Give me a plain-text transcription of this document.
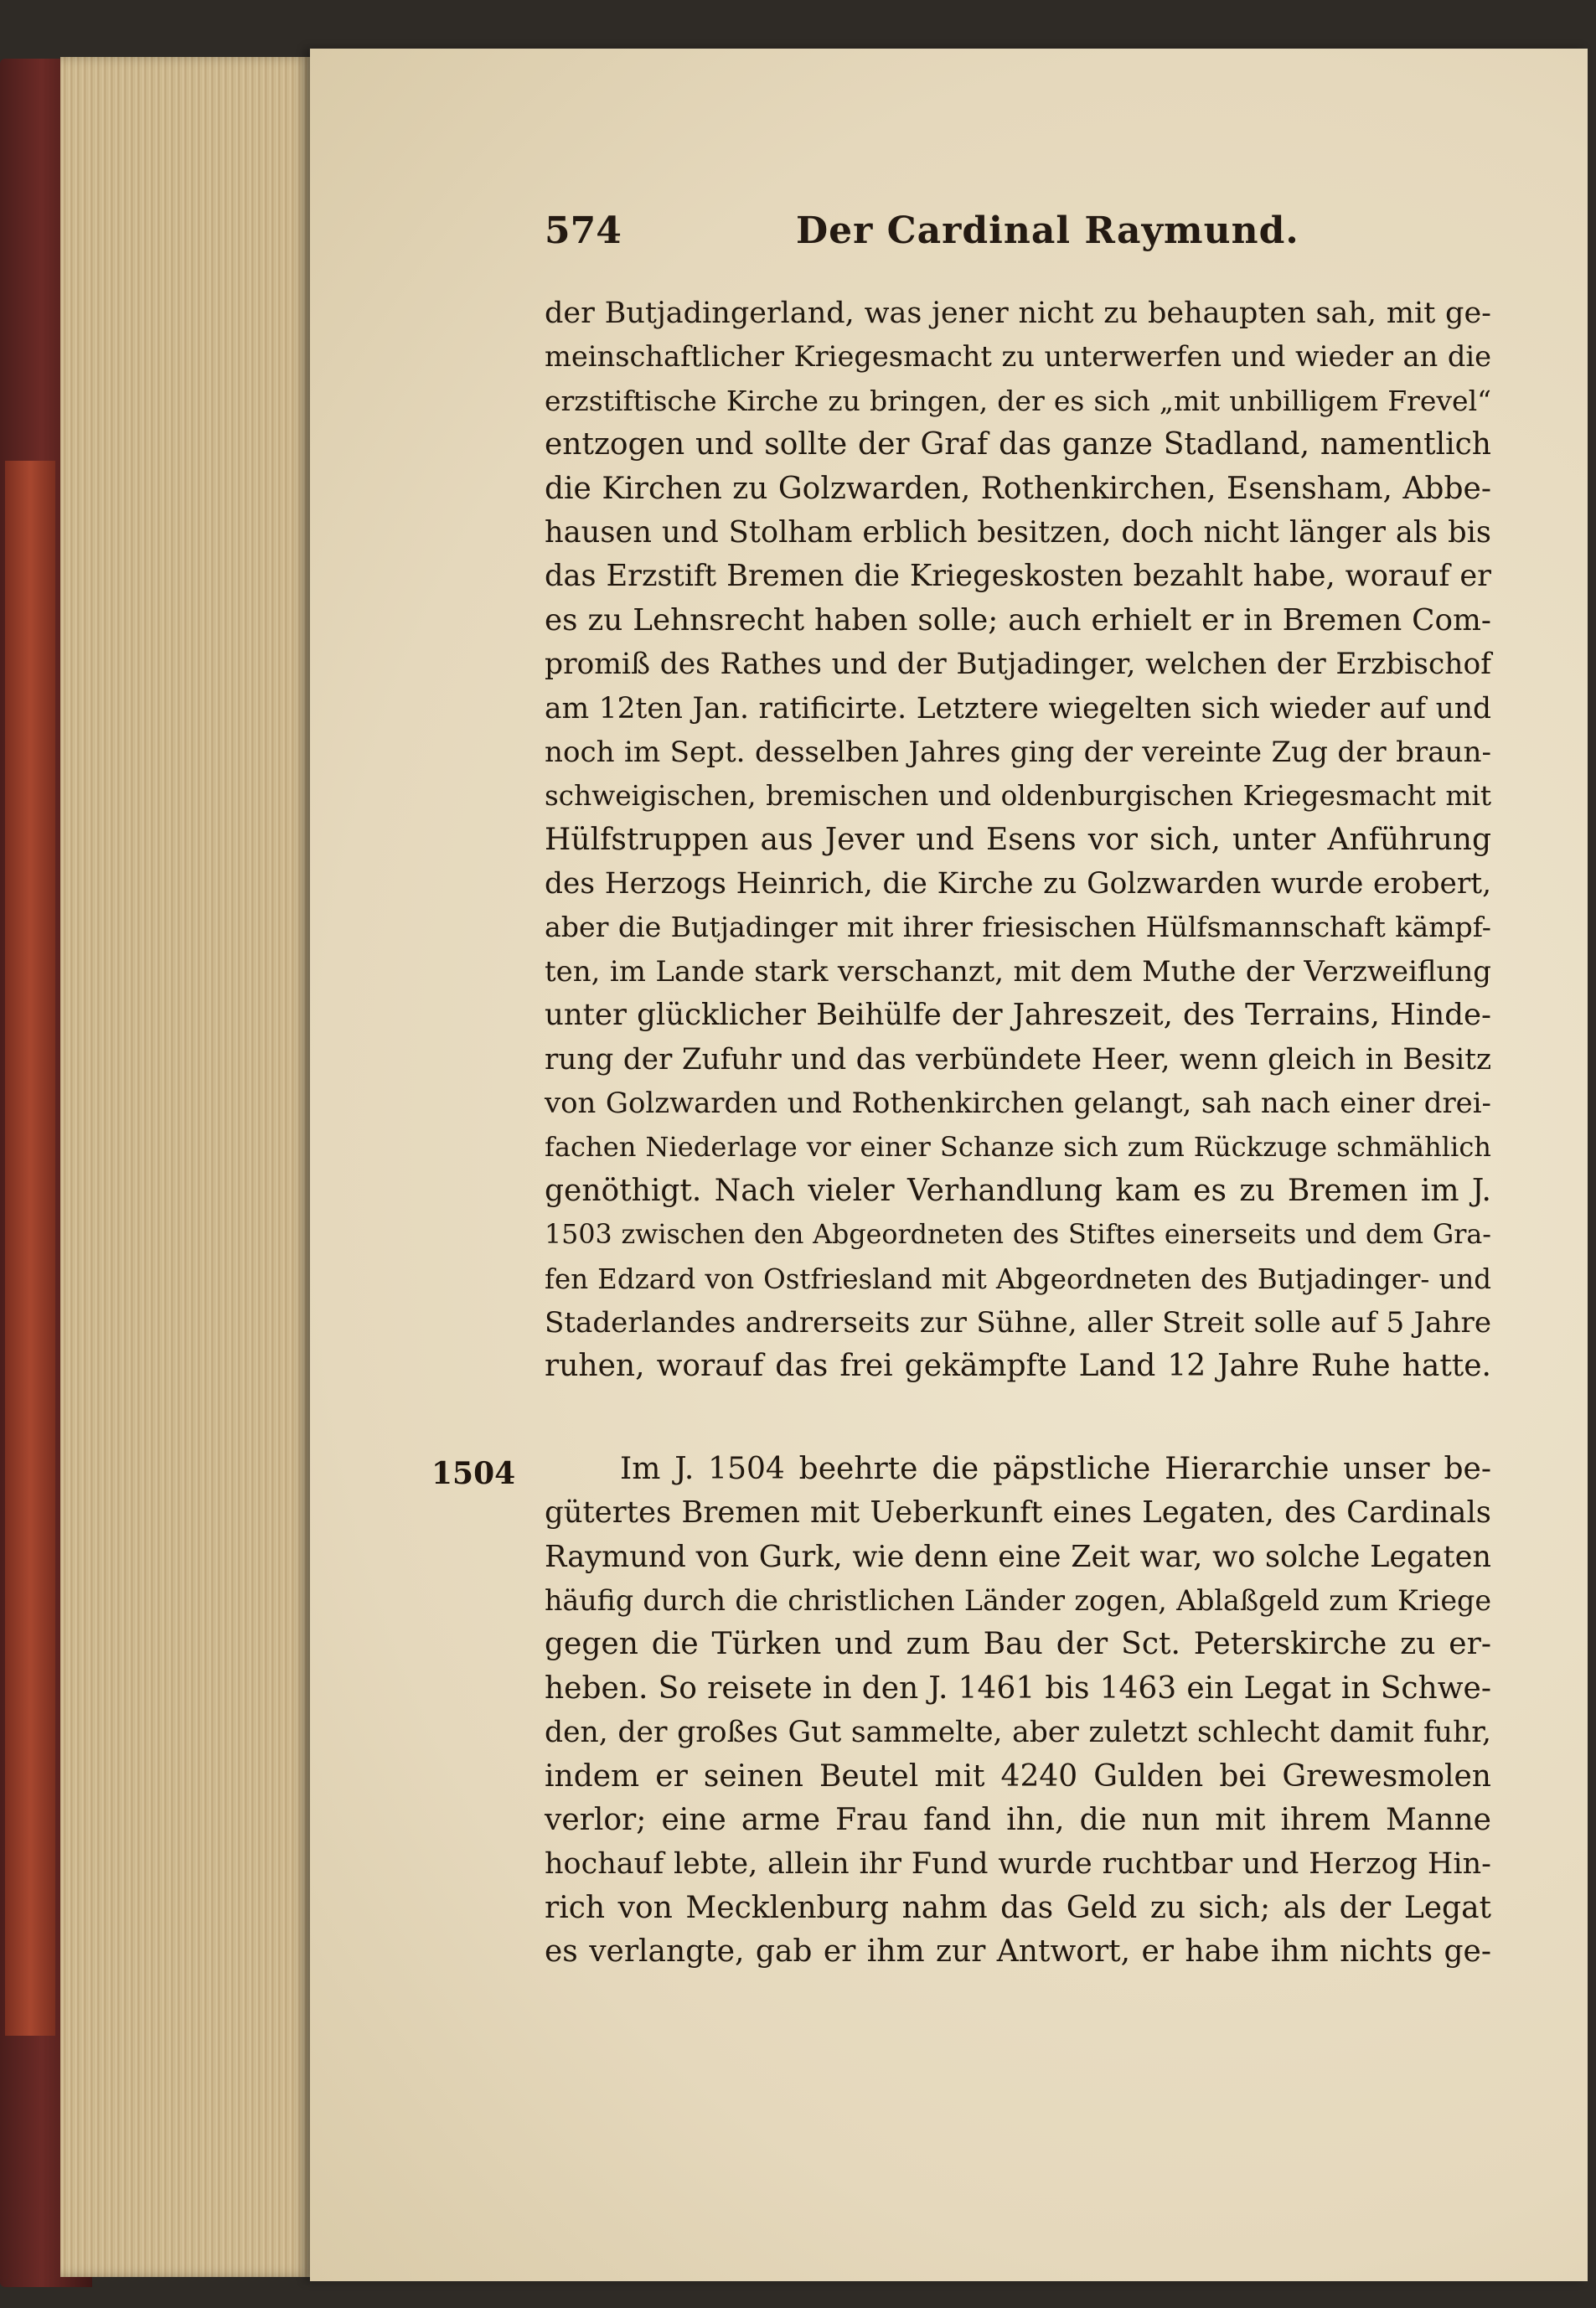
574	Der Cardinal Raymund.
1504
der Butjadingerland, was jener nicht zu behaupten sah, mit ge-
meinschaftlicher Kriegesmacht zu unterwerfen und wieder an die
erzstiftische Kirche zu bringen, der es sich „mit unbilligem Frevel“
entzogen und sollte der Graf das ganze Stadland, namentlich
die Kirchen zu Golzwarden, Rothenkirchen, Esensham, Abbe-
hausen und Stolham erblich besitzen, doch nicht länger als bis
das Erzstift Bremen die Kriegeskosten bezahlt habe, worauf er
es zu Lehnsrecht haben solle; auch erhielt er in Bremen Com-
promiß des Rathes und der Butjadinger, welchen der Erzbischof
am 12ten Jan. ratificirte. Letztere wiegelten sich wieder auf und
noch im Sept. desselben Jahres ging der vereinte Zug der braun-
schweigischen, bremischen und oldenburgischen Kriegesmacht mit
Hülfstruppen aus Jever und Esens vor sich, unter Anführung
des Herzogs Heinrich, die Kirche zu Golzwarden wurde erobert,
aber die Butjadinger mit ihrer friesischen Hülfsmannschaft kämpf-
ten, im Lande stark verschanzt, mit dem Muthe der Verzweiflung
unter glücklicher Beihülfe der Jahreszeit, des Terrains, Hinde-
rung der Zufuhr und das verbündete Heer, wenn gleich in Besitz
von Golzwarden und Rothenkirchen gelangt, sah nach einer drei-
fachen Niederlage vor einer Schanze sich zum Rückzuge schmählich
genöthigt. Nach vieler Verhandlung kam es zu Bremen im J.
1503 zwischen den Abgeordneten des Stiftes einerseits und dem Gra-
fen Edzard von Ostfriesland mit Abgeordneten des Butjadinger- und
Staderlandes andrerseits zur Sühne, aller Streit solle auf 5 Jahre
ruhen, worauf das frei gekämpfte Land 12 Jahre Ruhe hatte.
Im J. 1504 beehrte die päpstliche Hierarchie unser be-
gütertes Bremen mit Ueberkunft eines Legaten, des Cardinals
Raymund von Gurk, wie denn eine Zeit war, wo solche Legaten
häufig durch die christlichen Länder zogen, Ablaßgeld zum Kriege
gegen die Türken und zum Bau der Sct. Peterskirche zu er-
heben. So reisete in den J. 1461 bis 1463 ein Legat in Schwe-
den, der großes Gut sammelte, aber zuletzt schlecht damit fuhr,
indem er seinen Beutel mit 4240 Gulden bei Grewesmolen
verlor; eine arme Frau fand ihn, die nun mit ihrem Manne
hochauf lebte, allein ihr Fund wurde ruchtbar und Herzog Hin-
rich von Mecklenburg nahm das Geld zu sich; als der Legat
es verlangte, gab er ihm zur Antwort, er habe ihm nichts ge-
